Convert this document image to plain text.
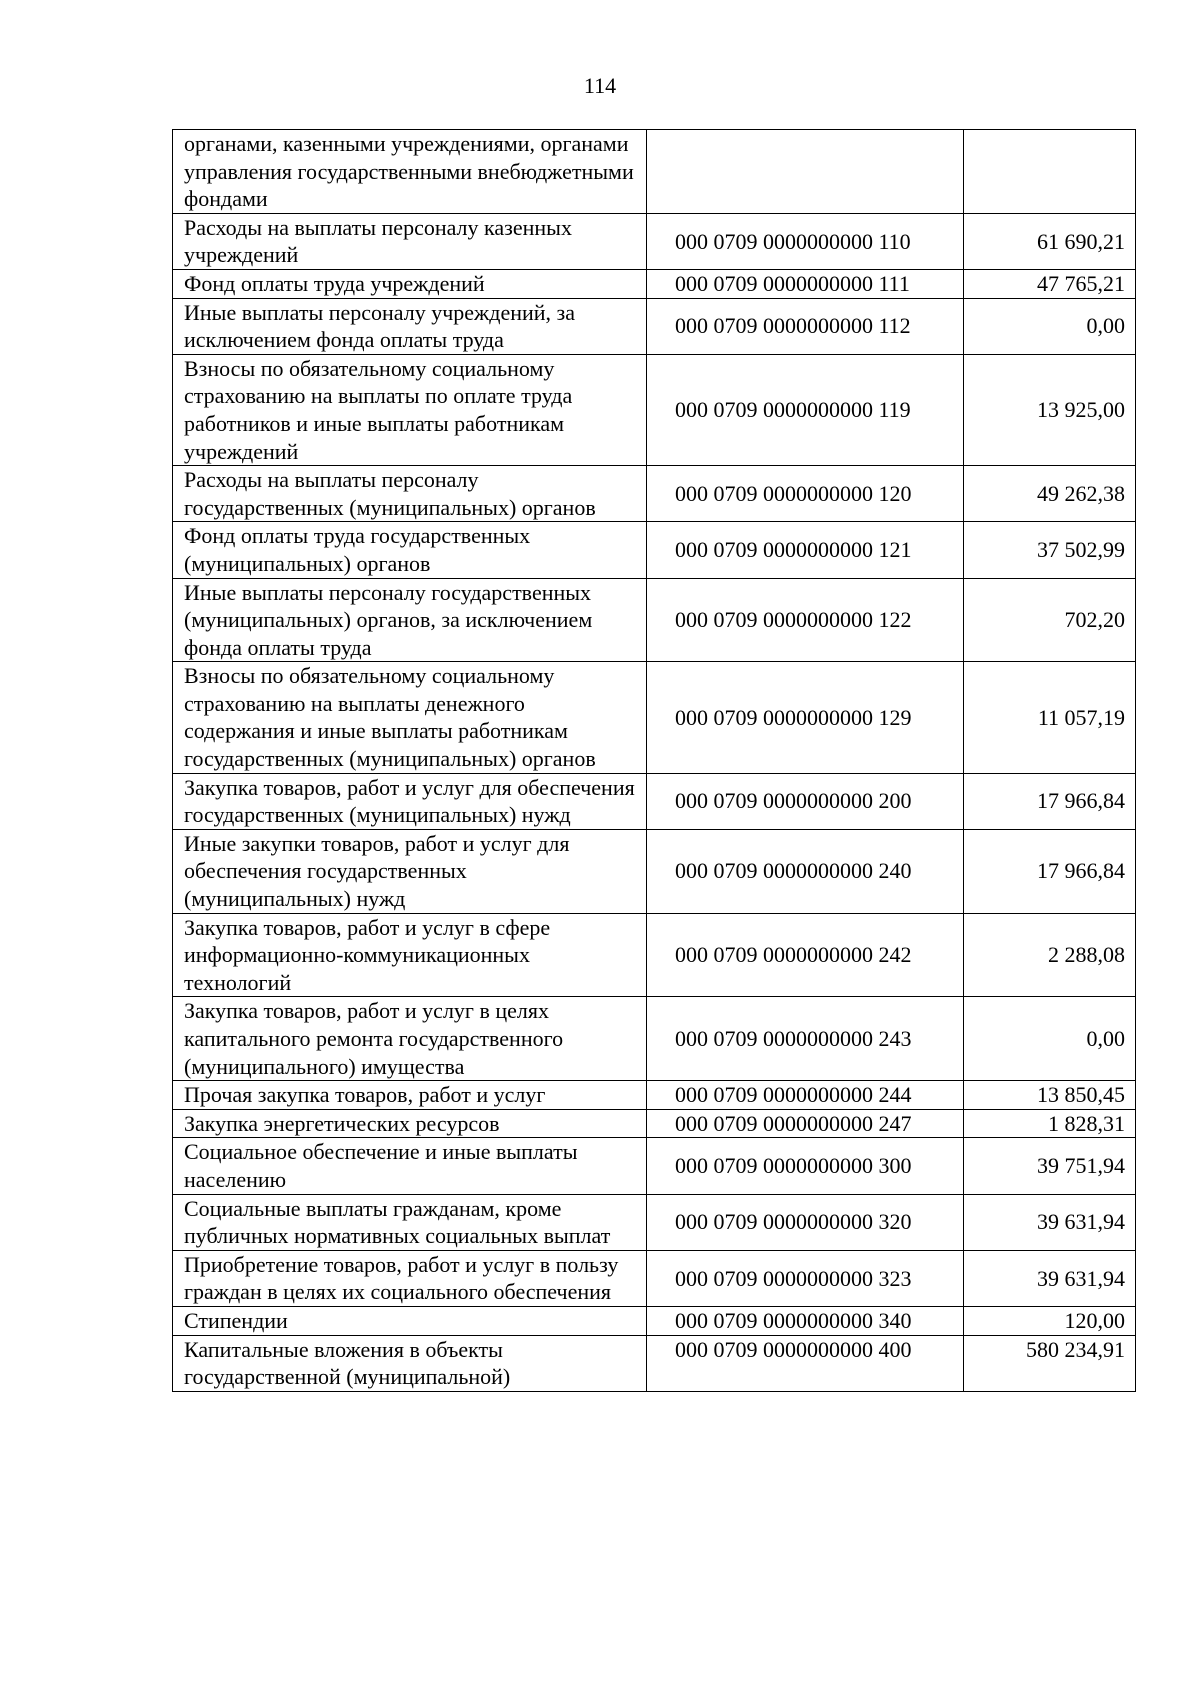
114
органами, казенными учреждениями, органами управления государственными внебюджетными фондами		
Расходы на выплаты персоналу казенных учреждений	000 0709 0000000000 110	61 690,21
Фонд оплаты труда учреждений	000 0709 0000000000 111	47 765,21
Иные выплаты персоналу учреждений, за исключением фонда оплаты труда	000 0709 0000000000 112	0,00
Взносы по обязательному социальному страхованию на выплаты по оплате труда работников и иные выплаты работникам учреждений	000 0709 0000000000 119	13 925,00
Расходы на выплаты персоналу государственных (муниципальных) органов	000 0709 0000000000 120	49 262,38
Фонд оплаты труда государственных (муниципальных) органов	000 0709 0000000000 121	37 502,99
Иные выплаты персоналу государственных (муниципальных) органов, за исключением фонда оплаты труда	000 0709 0000000000 122	702,20
Взносы по обязательному социальному страхованию на выплаты денежного содержания и иные выплаты работникам государственных (муниципальных) органов	000 0709 0000000000 129	11 057,19
Закупка товаров, работ и услуг для обеспечения государственных (муниципальных) нужд	000 0709 0000000000 200	17 966,84
Иные закупки товаров, работ и услуг для обеспечения государственных (муниципальных) нужд	000 0709 0000000000 240	17 966,84
Закупка товаров, работ и услуг в сфере информационно-коммуникационных технологий	000 0709 0000000000 242	2 288,08
Закупка товаров, работ и услуг в целях капитального ремонта государственного (муниципального) имущества	000 0709 0000000000 243	0,00
Прочая закупка товаров, работ и услуг	000 0709 0000000000 244	13 850,45
Закупка энергетических ресурсов	000 0709 0000000000 247	1 828,31
Социальное обеспечение и иные выплаты населению	000 0709 0000000000 300	39 751,94
Социальные выплаты гражданам, кроме публичных нормативных социальных выплат	000 0709 0000000000 320	39 631,94
Приобретение товаров, работ и услуг в пользу граждан в целях их социального обеспечения	000 0709 0000000000 323	39 631,94
Стипендии	000 0709 0000000000 340	120,00
Капитальные вложения в объекты государственной (муниципальной)	000 0709 0000000000 400	580 234,91
